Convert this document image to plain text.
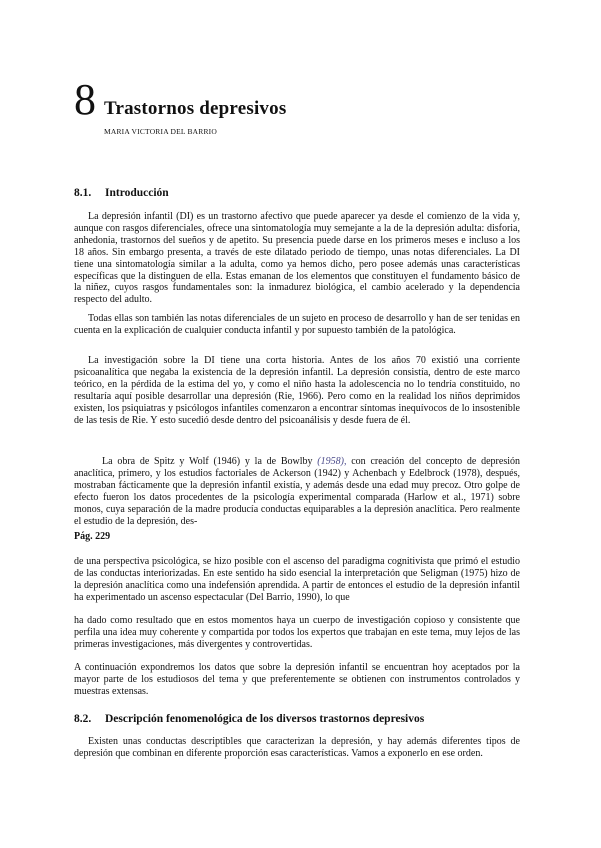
8 Trastornos depresivos
MARIA VICTORIA DEL BARRIO
8.1. Introducción

La depresión infantil (DI) es un trastorno afectivo que puede aparecer ya desde el comienzo de la vida y, aunque con rasgos diferenciales, ofrece una sintomatología muy semejante a la de la depresión adulta: disforia, anhedonia, trastornos del sueños y de apetito. Su presencia puede darse en los primeros meses e incluso a los 18 años. Sin embargo presenta, a través de este dilatado periodo de tiempo, unas notas diferenciales. La DI tiene una sintomatología similar a la adulta, como ya hemos dicho, pero posee además unas características específicas que la distinguen de ella. Estas emanan de los elementos que constituyen el fundamento básico de la niñez, cuyos rasgos fundamentales son: la inmadurez biológica, el cambio acelerado y la dependencia respecto del adulto.

Todas ellas son también las notas diferenciales de un sujeto en proceso de desarrollo y han de ser tenidas en cuenta en la explicación de cualquier conducta infantil y por supuesto también de la patológica.

La investigación sobre la DI tiene una corta historia. Antes de los años 70 existió una corriente psicoanalítica que negaba la existencia de la depresión infantil. La depresión consistía, dentro de este marco teórico, en la pérdida de la estima del yo, y como el niño hasta la adolescencia no lo tendría constituido, no resultaría aquí posible desarrollar una depresión (Rie, 1966). Pero como en la realidad los niños deprimidos existen, los psiquiatras y psicólogos infantiles comenzaron a encontrar síntomas inequívocos de lo insostenible de las tesis de Rie. Y esto sucedió desde dentro del psicoanálisis y desde fuera de él.

La obra de Spitz y Wolf (1946) y la de Bowlby (1958), con creación del concepto de depresión anaclítica, primero, y los estudios factoriales de Ackerson (1942) y Achenbach y Edelbrock (1978), después, mostraban fácticamente que la depresión infantil existía, y además desde una edad muy precoz. Otro golpe de efecto fueron los datos procedentes de la psicología experimental comparada (Harlow et al., 1971) sobre monos, cuya separación de la madre producía conductas equiparables a la depresión anaclítica. Pero realmente el estudio de la depresión, des-

Pág. 229

de una perspectiva psicológica, se hizo posible con el ascenso del paradigma cognitivista que primó el estudio de las conductas interiorizadas. En este sentido ha sido esencial la interpretación que Seligman (1975) hizo de la depresión anaclítica como una indefensión aprendida. A partir de entonces el estudio de la depresión infantil ha experimentado un ascenso espectacular (Del Barrio, 1990), lo que

ha dado como resultado que en estos momentos haya un cuerpo de investigación copioso y consistente que perfila una idea muy coherente y compartida por todos los expertos que trabajan en este tema, muy lejos de las primeras investigaciones, más divergentes y controvertidas.

A continuación expondremos los datos que sobre la depresión infantil se encuentran hoy aceptados por la mayor parte de los estudiosos del tema y que preferentemente se obtienen con instrumentos controlados y muestras extensas.

8.2. Descripción fenomenológica de los diversos trastornos depresivos

Existen unas conductas descriptibles que caracterizan la depresión, y hay además diferentes tipos de depresión que combinan en diferente proporción esas características. Vamos a exponerlo en ese orden.
